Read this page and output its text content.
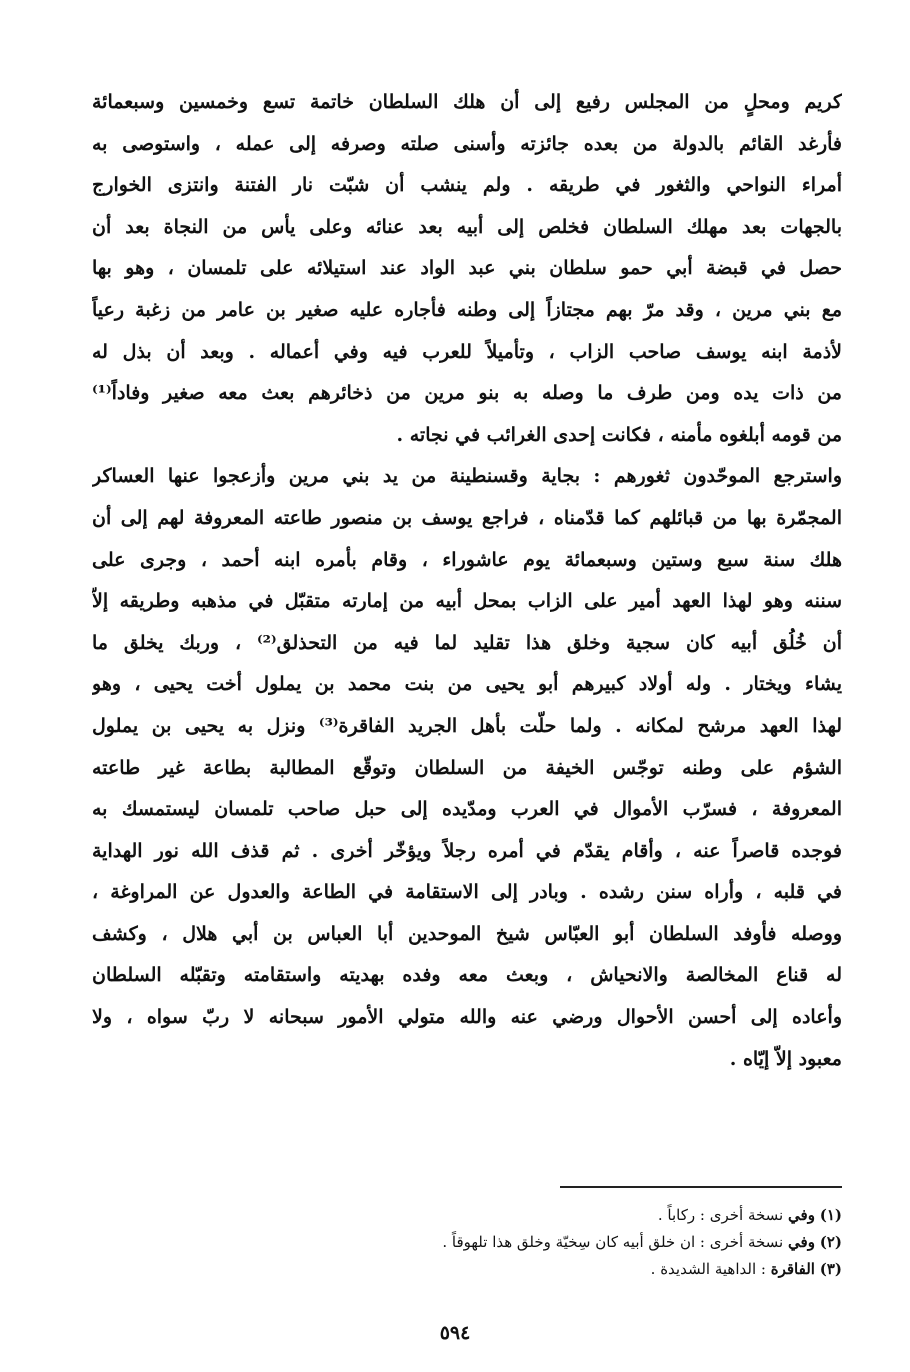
كريم ومحلٍ من المجلس رفيع إلى أن هلك السلطان خاتمة تسع وخمسين وسبعمائة
فأرغد القائم بالدولة من بعده جائزته وأسنى صلته وصرفه إلى عمله ، واستوصى به
أمراء النواحي والثغور في طريقه . ولم ينشب أن شبّت نار الفتنة وانتزى الخوارج
بالجهات بعد مهلك السلطان فخلص إلى أبيه بعد عنائه وعلى يأس من النجاة بعد أن
حصل في قبضة أبي حمو سلطان بني عبد الواد عند استيلائه على تلمسان ، وهو بها
مع بني مرين ، وقد مرّ بهم مجتازاً إلى وطنه فأجاره عليه صغير بن عامر من زغبة رعياً
لأذمة ابنه يوسف صاحب الزاب ، وتأميلاً للعرب فيه وفي أعماله . وبعد أن بذل له
من ذات يده ومن طرف ما وصله به بنو مرين من ذخائرهم بعث معه صغير وفاداً⁽¹⁾
من قومه أبلغوه مأمنه ، فكانت إحدى الغرائب في نجاته .
واسترجع الموحّدون ثغورهم : بجاية وقسنطينة من يد بني مرين وأزعجوا عنها العساكر
المجمّرة بها من قبائلهم كما قدّمناه ، فراجع يوسف بن منصور طاعته المعروفة لهم إلى أن
هلك سنة سبع وستين وسبعمائة يوم عاشوراء ، وقام بأمره ابنه أحمد ، وجرى على
سننه وهو لهذا العهد أمير على الزاب بمحل أبيه من إمارته متقبّل في مذهبه وطريقه إلاّ
أن خُلُق أبيه كان سجية وخلق هذا تقليد لما فيه من التحذلق⁽²⁾ ، وربك يخلق ما
يشاء ويختار . وله أولاد كبيرهم أبو يحيى من بنت محمد بن يملول أخت يحيى ، وهو
لهذا العهد مرشح لمكانه . ولما حلّت بأهل الجريد الفاقرة⁽³⁾ ونزل به يحيى بن يملول
الشؤم على وطنه توجّس الخيفة من السلطان وتوقّع المطالبة بطاعة غير طاعته
المعروفة ، فسرّب الأموال في العرب ومدّيده إلى حبل صاحب تلمسان ليستمسك به
فوجده قاصراً عنه ، وأقام يقدّم في أمره رجلاً ويؤخّر أخرى . ثم قذف الله نور الهداية
في قلبه ، وأراه سنن رشده . وبادر إلى الاستقامة في الطاعة والعدول عن المراوغة ،
ووصله فأوفد السلطان أبو العبّاس شيخ الموحدين أبا العباس بن أبي هلال ، وكشف
له قناع المخالصة والانحياش ، وبعث معه وفده بهديته واستقامته وتقبّله السلطان
وأعاده إلى أحسن الأحوال ورضي عنه والله متولي الأمور سبحانه لا ربّ سواه ، ولا
معبود إلاّ إيّاه .
(١) وفي نسخة أخرى : ركاباً .
(٢) وفي نسخة أخرى : ان خلق أبيه كان سِخيّة وخلق هذا تلهوقاً .
(٣) الفاقرة : الداهية الشديدة .
٥٩٤
